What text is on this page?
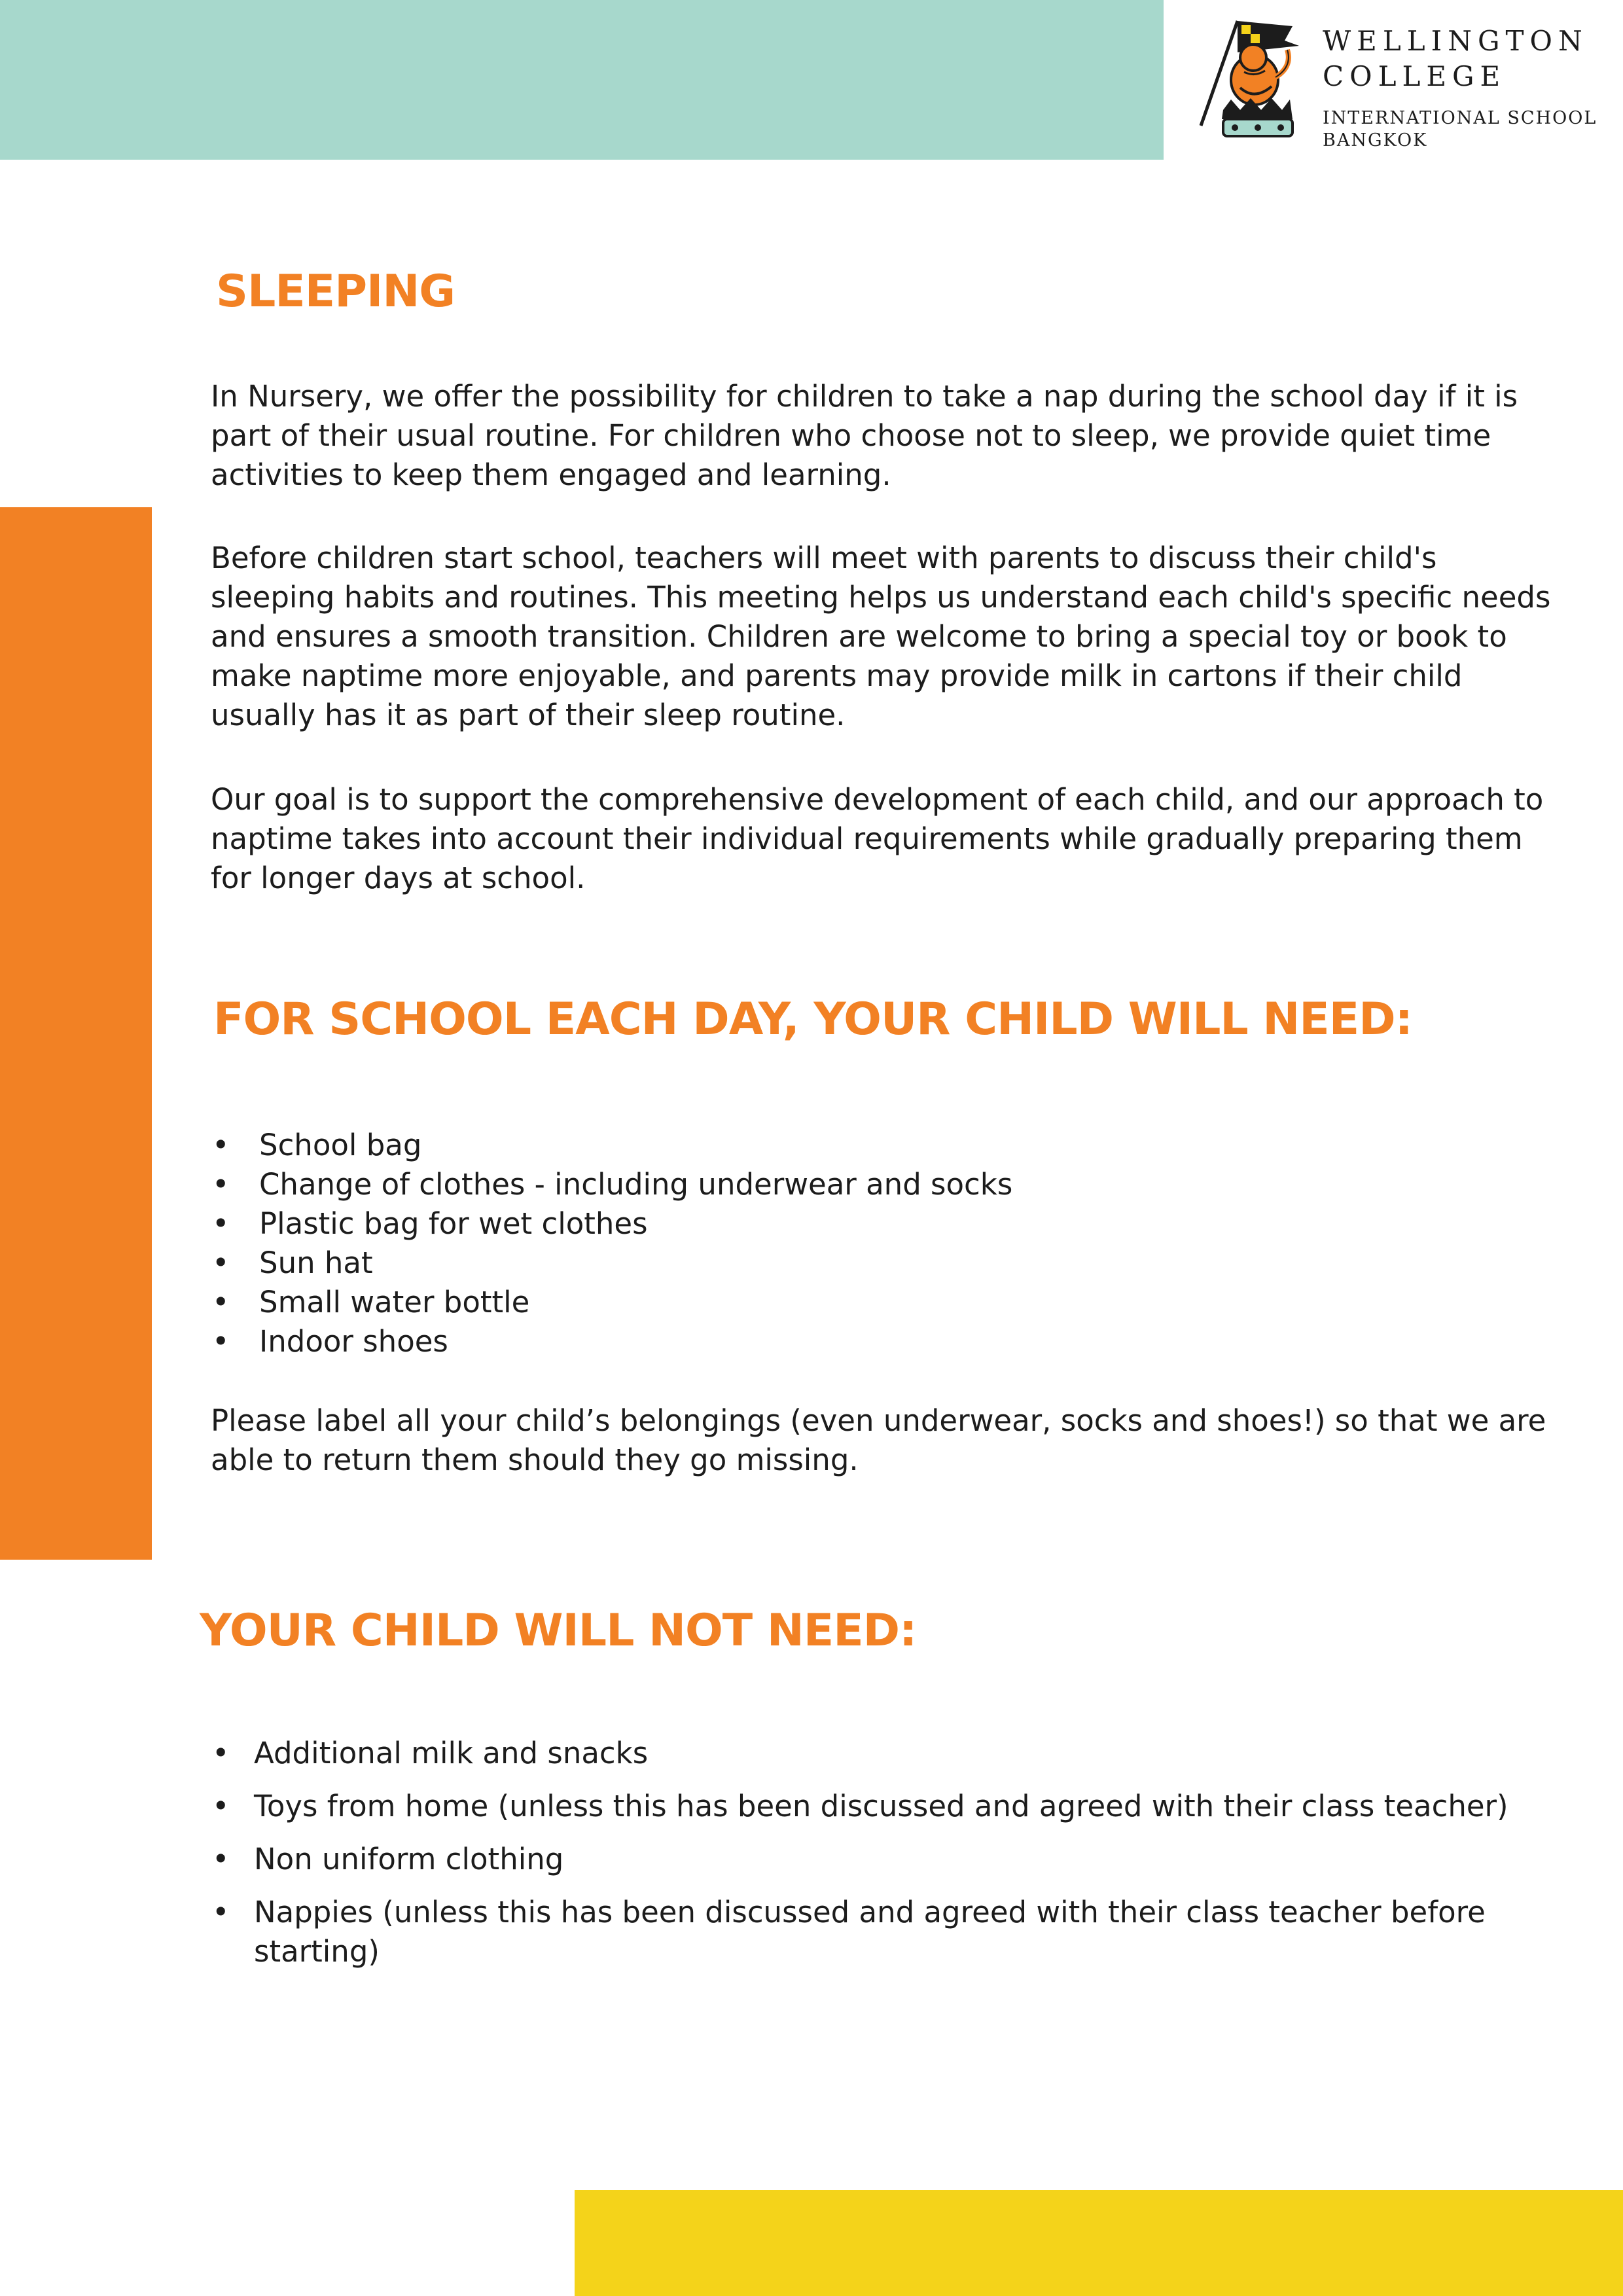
WELLINGTON
COLLEGE
INTERNATIONAL SCHOOL
BANGKOK
SLEEPING

In Nursery, we offer the possibility for children to take a nap during the school day if it is part of their usual routine. For children who choose not to sleep, we provide quiet time activities to keep them engaged and learning.

Before children start school, teachers will meet with parents to discuss their child's sleeping habits and routines. This meeting helps us understand each child's specific needs and ensures a smooth transition. Children are welcome to bring a special toy or book to make naptime more enjoyable, and parents may provide milk in cartons if their child usually has it as part of their sleep routine.

Our goal is to support the comprehensive development of each child, and our approach to naptime takes into account their individual requirements while gradually preparing them for longer days at school.

FOR SCHOOL EACH DAY, YOUR CHILD WILL NEED:
• School bag
• Change of clothes - including underwear and socks
• Plastic bag for wet clothes
• Sun hat
• Small water bottle
• Indoor shoes

Please label all your child’s belongings (even underwear, socks and shoes!) so that we are able to return them should they go missing.

YOUR CHILD WILL NOT NEED:
• Additional milk and snacks
• Toys from home (unless this has been discussed and agreed with their class teacher)
• Non uniform clothing
• Nappies (unless this has been discussed and agreed with their class teacher before starting)
